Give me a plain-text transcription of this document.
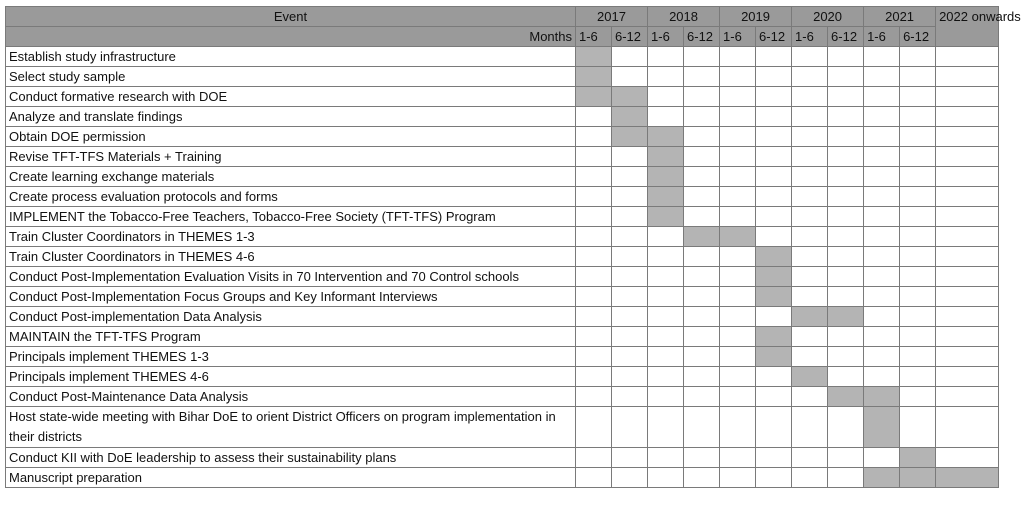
Event	2017		2018		2019		2020		2021		2022 onwards
Months	1-6	6-12	1-6	6-12	1-6	6-12	1-6	6-12	1-6	6-12	
Establish study infrastructure											
Select study sample											
Conduct formative research with DOE											
Analyze and translate findings											
Obtain DOE permission											
Revise TFT-TFS Materials + Training											
Create learning exchange materials											
Create process evaluation protocols and forms											
IMPLEMENT the Tobacco-Free Teachers, Tobacco-Free Society (TFT-TFS) Program											
Train Cluster Coordinators in THEMES 1-3											
Train Cluster Coordinators in THEMES 4-6											
Conduct Post-Implementation Evaluation Visits in 70 Intervention and 70 Control schools											
Conduct Post-Implementation Focus Groups and Key Informant Interviews											
Conduct Post-implementation Data Analysis											
MAINTAIN the TFT-TFS Program											
Principals implement THEMES 1-3											
Principals implement THEMES 4-6											
Conduct Post-Maintenance Data Analysis											
Host state-wide meeting with Bihar DoE to orient District Officers on program implementation in their districts											
Conduct KII with DoE leadership to assess their sustainability plans											
Manuscript preparation											
